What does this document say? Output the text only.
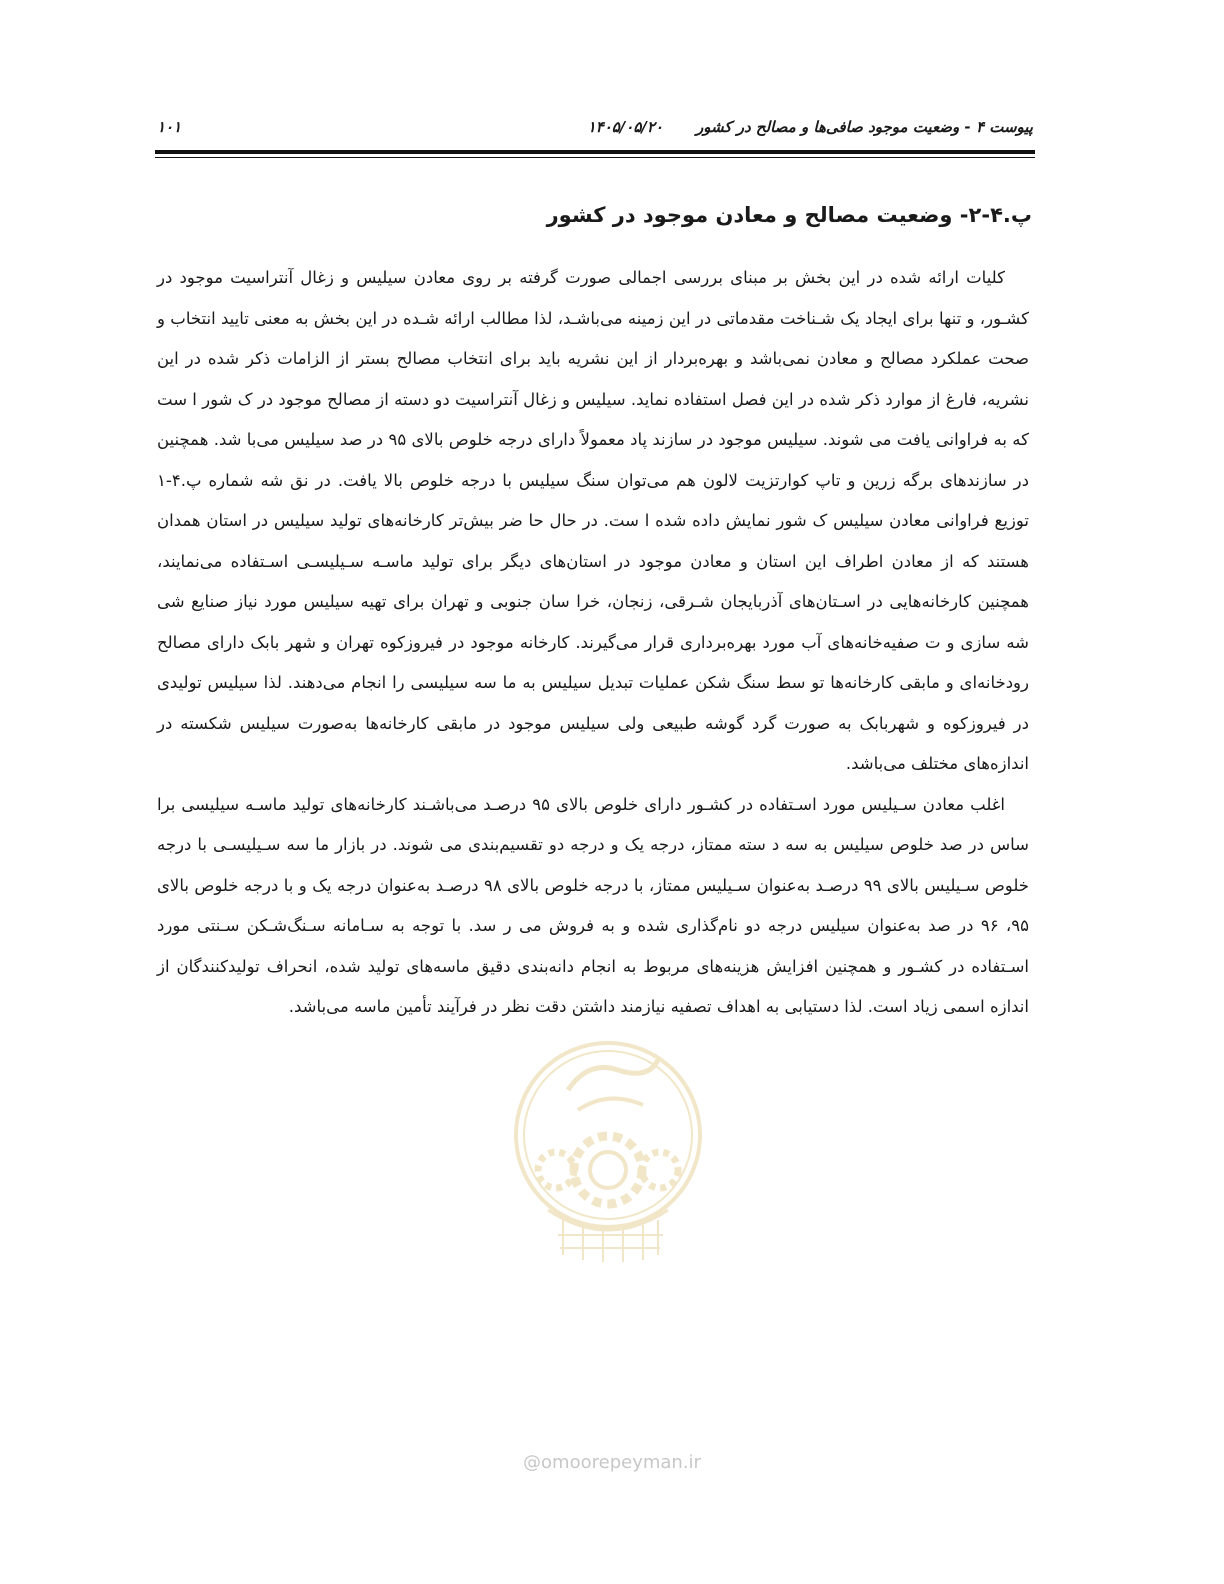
پیوست ۴ - وضعیت موجود صافی‌ها و مصالح در کشور
۱۴۰۵/۰۵/۲۰
۱۰۱
پ.۴-۲- وضعیت مصالح و معادن موجود در کشور

کلیات ارائه شده در این بخش بر مبنای بررسی اجمالی صورت گرفته بر روی معادن سیلیس و زغال آنتراسیت موجود در کشـور، و تنها برای ایجاد یک شـناخت مقدماتی در این زمینه می‌باشـد، لذا مطالب ارائه شـده در این بخش به معنی تایید انتخاب و صحت عملکرد مصالح و معادن نمی‌باشد و بهره‌بردار از این نشریه باید برای انتخاب مصالح بستر از الزامات ذکر شده در این نشریه، فارغ از موارد ذکر شده در این فصل استفاده نماید. سیلیس و زغال آنتراسیت دو دسته از مصالح موجود در ک شور ا ست که به فراوانی یافت می شوند. سیلیس موجود در سازند پاد معمولاً دارای درجه خلوص بالای ۹۵ در صد سیلیس می‌با شد. همچنین در سازندهای برگه زرین و تاپ کوارتزیت لالون هم می‌توان سنگ سیلیس با درجه خلوص بالا یافت. در نق شه شماره پ.۴-۱ توزیع فراوانی معادن سیلیس ک شور نمایش داده شده ا ست. در حال حا ضر بیش‌تر کارخانه‌های تولید سیلیس در استان همدان هستند که از معادن اطراف این استان و معادن موجود در استان‌های دیگر برای تولید ماسـه سـیلیسـی اسـتفاده می‌نمایند، همچنین کارخانه‌هایی در اسـتان‌های آذربایجان شـرقی، زنجان، خرا سان جنوبی و تهران برای تهیه سیلیس مورد نیاز صنایع شی شه سازی و ت صفیه‌خانه‌های آب مورد بهره‌برداری قرار می‌گیرند. کارخانه موجود در فیروزکوه تهران و شهر بابک دارای مصالح رودخانه‌ای و مابقی کارخانه‌ها تو سط سنگ شکن عملیات تبدیل سیلیس به ما سه سیلیسی را انجام می‌دهند. لذا سیلیس تولیدی در فیروزکوه و شهربابک به صورت گرد گوشه طبیعی ولی سیلیس موجود در مابقی کارخانه‌ها به‌صورت سیلیس شکسته در اندازه‌های مختلف می‌باشد.

اغلب معادن سـیلیس مورد اسـتفاده در کشـور دارای خلوص بالای ۹۵ درصـد می‌باشـند کارخانه‌های تولید ماسـه سیلیسی برا ساس در صد خلوص سیلیس به سه د سته ممتاز، درجه یک و درجه دو تقسیم‌بندی می شوند. در بازار ما سه سـیلیسـی با درجه خلوص سـیلیس بالای ۹۹ درصـد به‌عنوان سـیلیس ممتاز، با درجه خلوص بالای ۹۸ درصـد به‌عنوان درجه یک و با درجه خلوص بالای ۹۵، ۹۶ در صد به‌عنوان سیلیس درجه دو نام‌گذاری شده و به فروش می ر سد. با توجه به سـامانه سـنگ‌شـکن سـنتی مورد اسـتفاده در کشـور و همچنین افزایش هزینه‌های مربوط به انجام دانه‌بندی دقیق ماسه‌های تولید شده، انحراف تولیدکنندگان از اندازه اسمی زیاد است. لذا دستیابی به اهداف تصفیه نیازمند داشتن دقت نظر در فرآیند تأمین ماسه می‌باشد.

@omoorepeyman.ir
